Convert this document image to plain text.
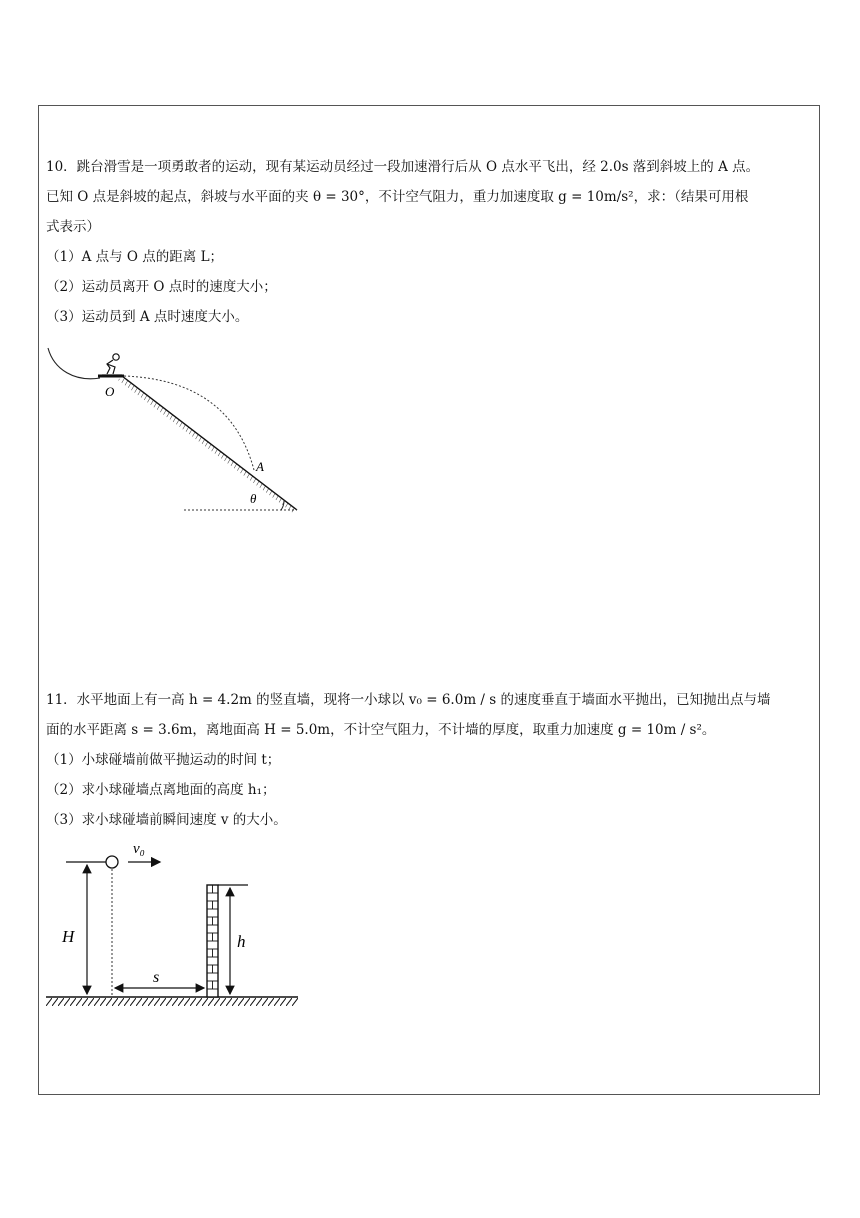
10．跳台滑雪是一项勇敢者的运动，现有某运动员经过一段加速滑行后从 O 点水平飞出，经 2.0s 落到斜坡上的 A 点。

已知 O 点是斜坡的起点，斜坡与水平面的夹 θ = 30°，不计空气阻力，重力加速度取 g = 10m/s²，求：（结果可用根

式表示）

（1）A 点与 O 点的距离 L；

（2）运动员离开 O 点时的速度大小；

（3）运动员到 A 点时速度大小。

O
A
θ

11．水平地面上有一高 h = 4.2m 的竖直墙，现将一小球以 v₀ = 6.0m / s 的速度垂直于墙面水平抛出，已知抛出点与墙

面的水平距离 s = 3.6m，离地面高 H = 5.0m，不计空气阻力，不计墙的厚度，取重力加速度 g = 10m / s²。

（1）小球碰墙前做平抛运动的时间 t；

（2）求小球碰墙点离地面的高度 h₁；

（3）求小球碰墙前瞬间速度 v 的大小。

v₀
H	h
s
